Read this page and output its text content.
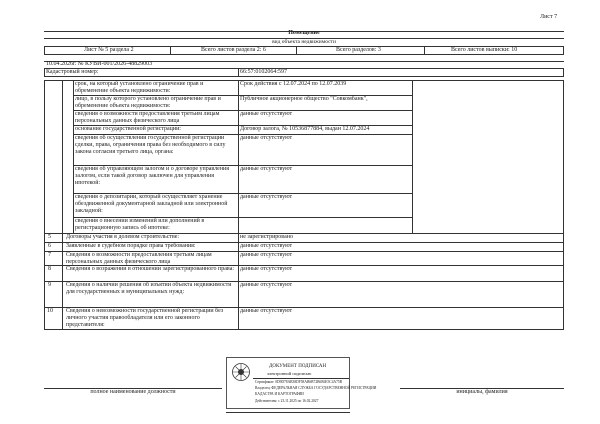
Лист 7
Помещение
вид объекта недвижимости
Лист № 5 раздела 2	Всего листов раздела 2: 6	Всего разделов: 3	Всего листов выписки: 10
10.04.2026г. № КУВИ-001/2026-48829003
Кадастровый номер:	66:57:0102064:597
срок, на который установлено ограничение прав и обременение объекта недвижимости:
Срок действия с 12.07.2024 по 12.07.2039
лицо, в пользу которого установлено ограничение прав и обременение объекта недвижимости:
Публичное акционерное общество "Совкомбанк",
сведения о возможности предоставления третьим лицам персональных данных физического лица
данные отсутствуют
основание государственной регистрации:	Договор залога, № 10536877884, выдан 12.07.2024
сведения об осуществлении государственной регистрации сделки, права, ограничения права без необходимого в силу закона согласия третьего лица, органа:
данные отсутствуют
сведения об управляющем залогом и о договоре управления залогом, если такой договор заключен для управления ипотекой:
данные отсутствуют
сведения о депозитарии, который осуществляет хранение обездвиженной документарной закладной или электронной закладной:
данные отсутствуют
сведения о внесении изменений или дополнений в регистрационную запись об ипотеке:
5	Договоры участия в долевом строительстве:	не зарегистрировано
6	Заявленные в судебном порядке права требования:	данные отсутствуют
7	Сведения о возможности предоставления третьим лицам персональных данных физического лица
данные отсутствуют
8	Сведения о возражении в отношении зарегистрированного права: данные отсутствуют
9	Сведения о наличии решения об изъятии объекта недвижимости для государственных и муниципальных нужд:
данные отсутствуют
10 Сведения о невозможности государственной регистрации без личного участия правообладателя или его законного представителя:
данные отсутствуют
ДОКУМЕНТ ПОДПИСАН
электронной подписью
Сертификат: 0D9D78AB38DF58AB6B72B6E6E5C4A75B
Владелец: ФЕДЕРАЛЬНАЯ СЛУЖБА ГОСУДАРСТВЕННОЙ РЕГИСТРАЦИИ
КАДАСТРА И КАРТОГРАФИИ
Действителен: с 23.11.2025 по 16.02.2027
полное наименование должности	инициалы, фамилия
